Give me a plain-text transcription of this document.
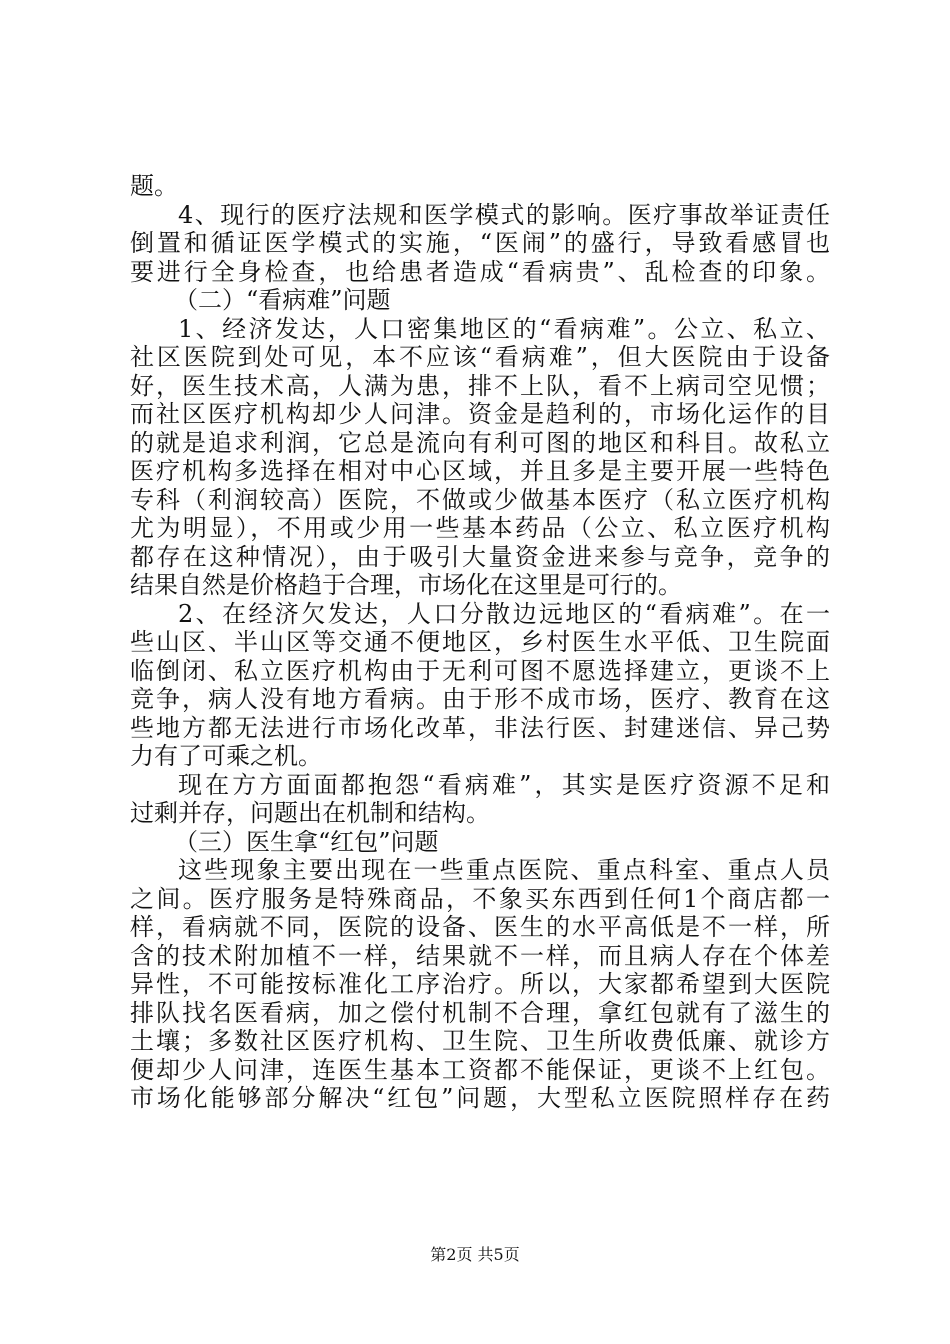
题。
4、现行的医疗法规和医学模式的影响。医疗事故举证责任
倒置和循证医学模式的实施，“医闹”的盛行，导致看感冒也
要进行全身检查，也给患者造成“看病贵”、乱检查的印象。
（二）“看病难”问题
1、经济发达，人口密集地区的“看病难”。公立、私立、
社区医院到处可见，本不应该“看病难”，但大医院由于设备
好，医生技术高，人满为患，排不上队，看不上病司空见惯；
而社区医疗机构却少人问津。资金是趋利的，市场化运作的目
的就是追求利润，它总是流向有利可图的地区和科目。故私立
医疗机构多选择在相对中心区域，并且多是主要开展一些特色
专科（利润较高）医院，不做或少做基本医疗（私立医疗机构
尤为明显），不用或少用一些基本药品（公立、私立医疗机构
都存在这种情况），由于吸引大量资金进来参与竞争，竞争的
结果自然是价格趋于合理，市场化在这里是可行的。
2、在经济欠发达，人口分散边远地区的“看病难”。在一
些山区、半山区等交通不便地区，乡村医生水平低、卫生院面
临倒闭、私立医疗机构由于无利可图不愿选择建立，更谈不上
竞争，病人没有地方看病。由于形不成市场，医疗、教育在这
些地方都无法进行市场化改革，非法行医、封建迷信、异己势
力有了可乘之机。
现在方方面面都抱怨“看病难”，其实是医疗资源不足和
过剩并存，问题出在机制和结构。
（三）医生拿“红包”问题
这些现象主要出现在一些重点医院、重点科室、重点人员
之间。医疗服务是特殊商品，不象买东西到任何1个商店都一
样，看病就不同，医院的设备、医生的水平高低是不一样，所
含的技术附加植不一样，结果就不一样，而且病人存在个体差
异性，不可能按标准化工序治疗。所以，大家都希望到大医院
排队找名医看病，加之偿付机制不合理，拿红包就有了滋生的
土壤；多数社区医疗机构、卫生院、卫生所收费低廉、就诊方
便却少人问津，连医生基本工资都不能保证，更谈不上红包。
市场化能够部分解决“红包”问题，大型私立医院照样存在药
第2页 共5页
